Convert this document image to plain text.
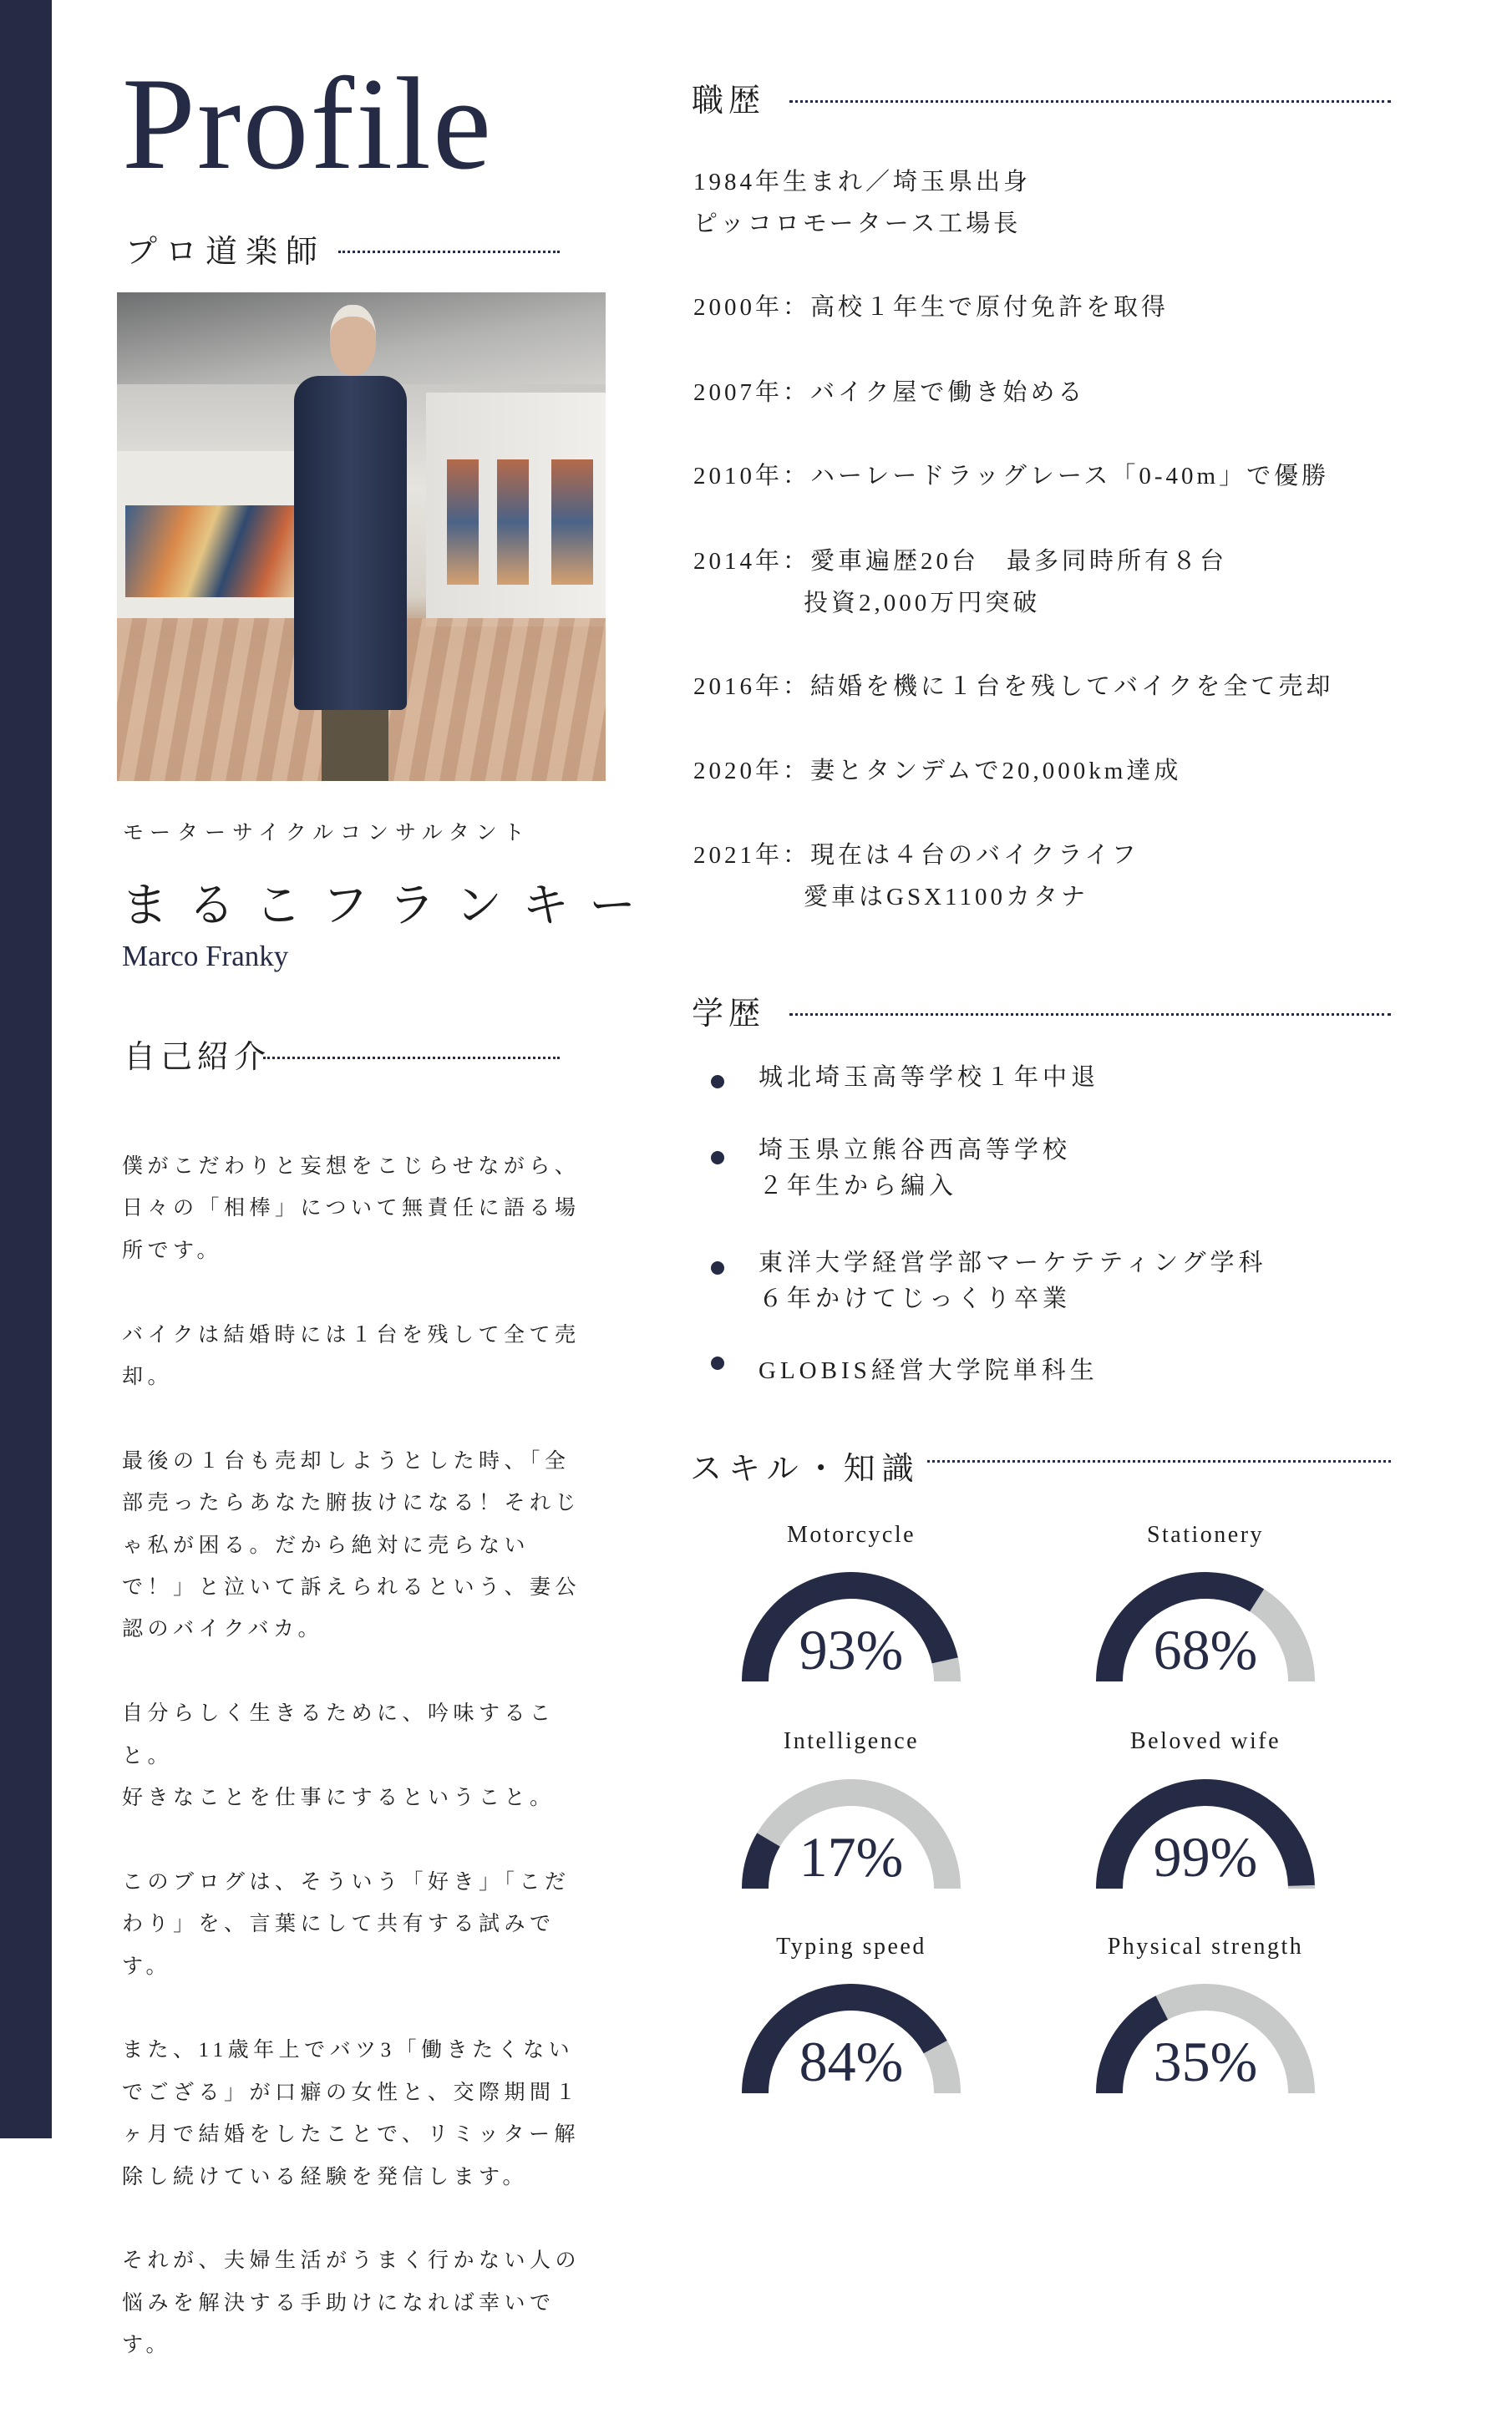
Profile
プロ道楽師
モーターサイクルコンサルタント
まるこフランキー
Marco Franky
自己紹介

僕がこだわりと妄想をこじらせながら、日々の「相棒」について無責任に語る場所です。

バイクは結婚時には１台を残して全て売却。

最後の１台も売却しようとした時、「全部売ったらあなた腑抜けになる！それじゃ私が困る。だから絶対に売らないで！」と泣いて訴えられるという、妻公認のバイクバカ。

自分らしく生きるために、吟味すること。
好きなことを仕事にするということ。

このブログは、そういう「好き」「こだわり」を、言葉にして共有する試みです。

また、11歳年上でバツ3「働きたくないでござる」が口癖の女性と、交際期間１ヶ月で結婚をしたことで、リミッター解除し続けている経験を発信します。

それが、夫婦生活がうまく行かない人の悩みを解決する手助けになれば幸いです。

職歴
1984年生まれ／埼玉県出身
ピッコロモータース工場長
2000年：高校１年生で原付免許を取得
2007年：バイク屋で働き始める
2010年：ハーレードラッグレース「0-40m」で優勝
2014年：愛車遍歴20台　最多同時所有８台
　　　　投資2,000万円突破
2016年：結婚を機に１台を残してバイクを全て売却
2020年：妻とタンデムで20,000km達成
2021年：現在は４台のバイクライフ
　　　　愛車はGSX1100カタナ
学歴
城北埼玉高等学校１年中退
埼玉県立熊谷西高等学校
２年生から編入
東洋大学経営学部マーケテティング学科
６年かけてじっくり卒業
GLOBIS経営大学院単科生
スキル・知識
Motorcycle
93%
Stationery
68%
Intelligence
17%
Beloved wife
99%
Typing speed
84%
Physical strength
35%
